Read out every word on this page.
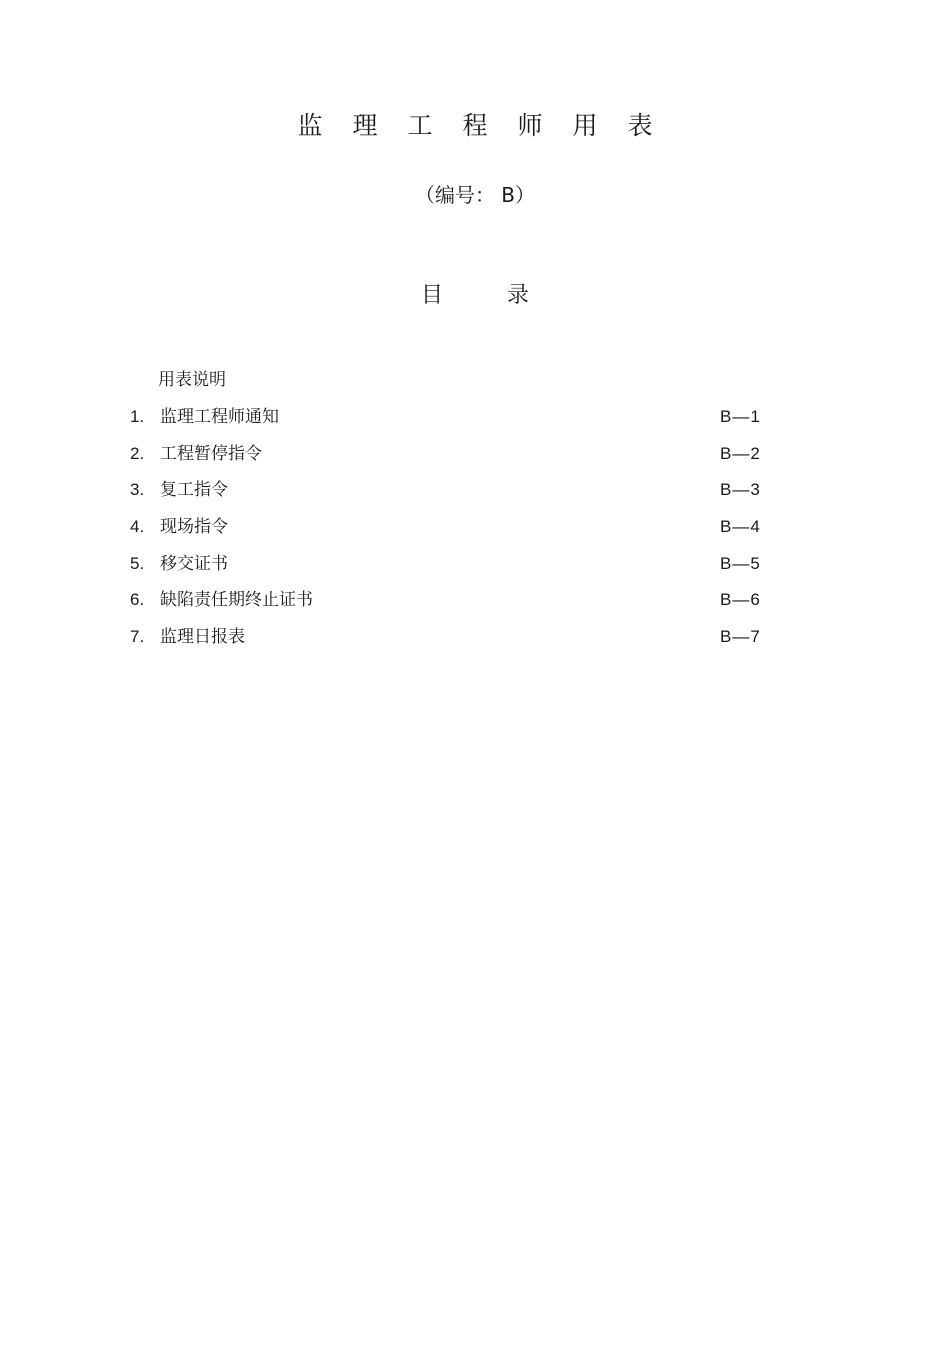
监理工程师用表
（编号： B）
目录
用表说明
1. 监理工程师通知	B—1
2. 工程暂停指令	B—2
3. 复工指令	B—3
4. 现场指令	B—4
5. 移交证书	B—5
6. 缺陷责任期终止证书	B—6
7. 监理日报表	B—7
